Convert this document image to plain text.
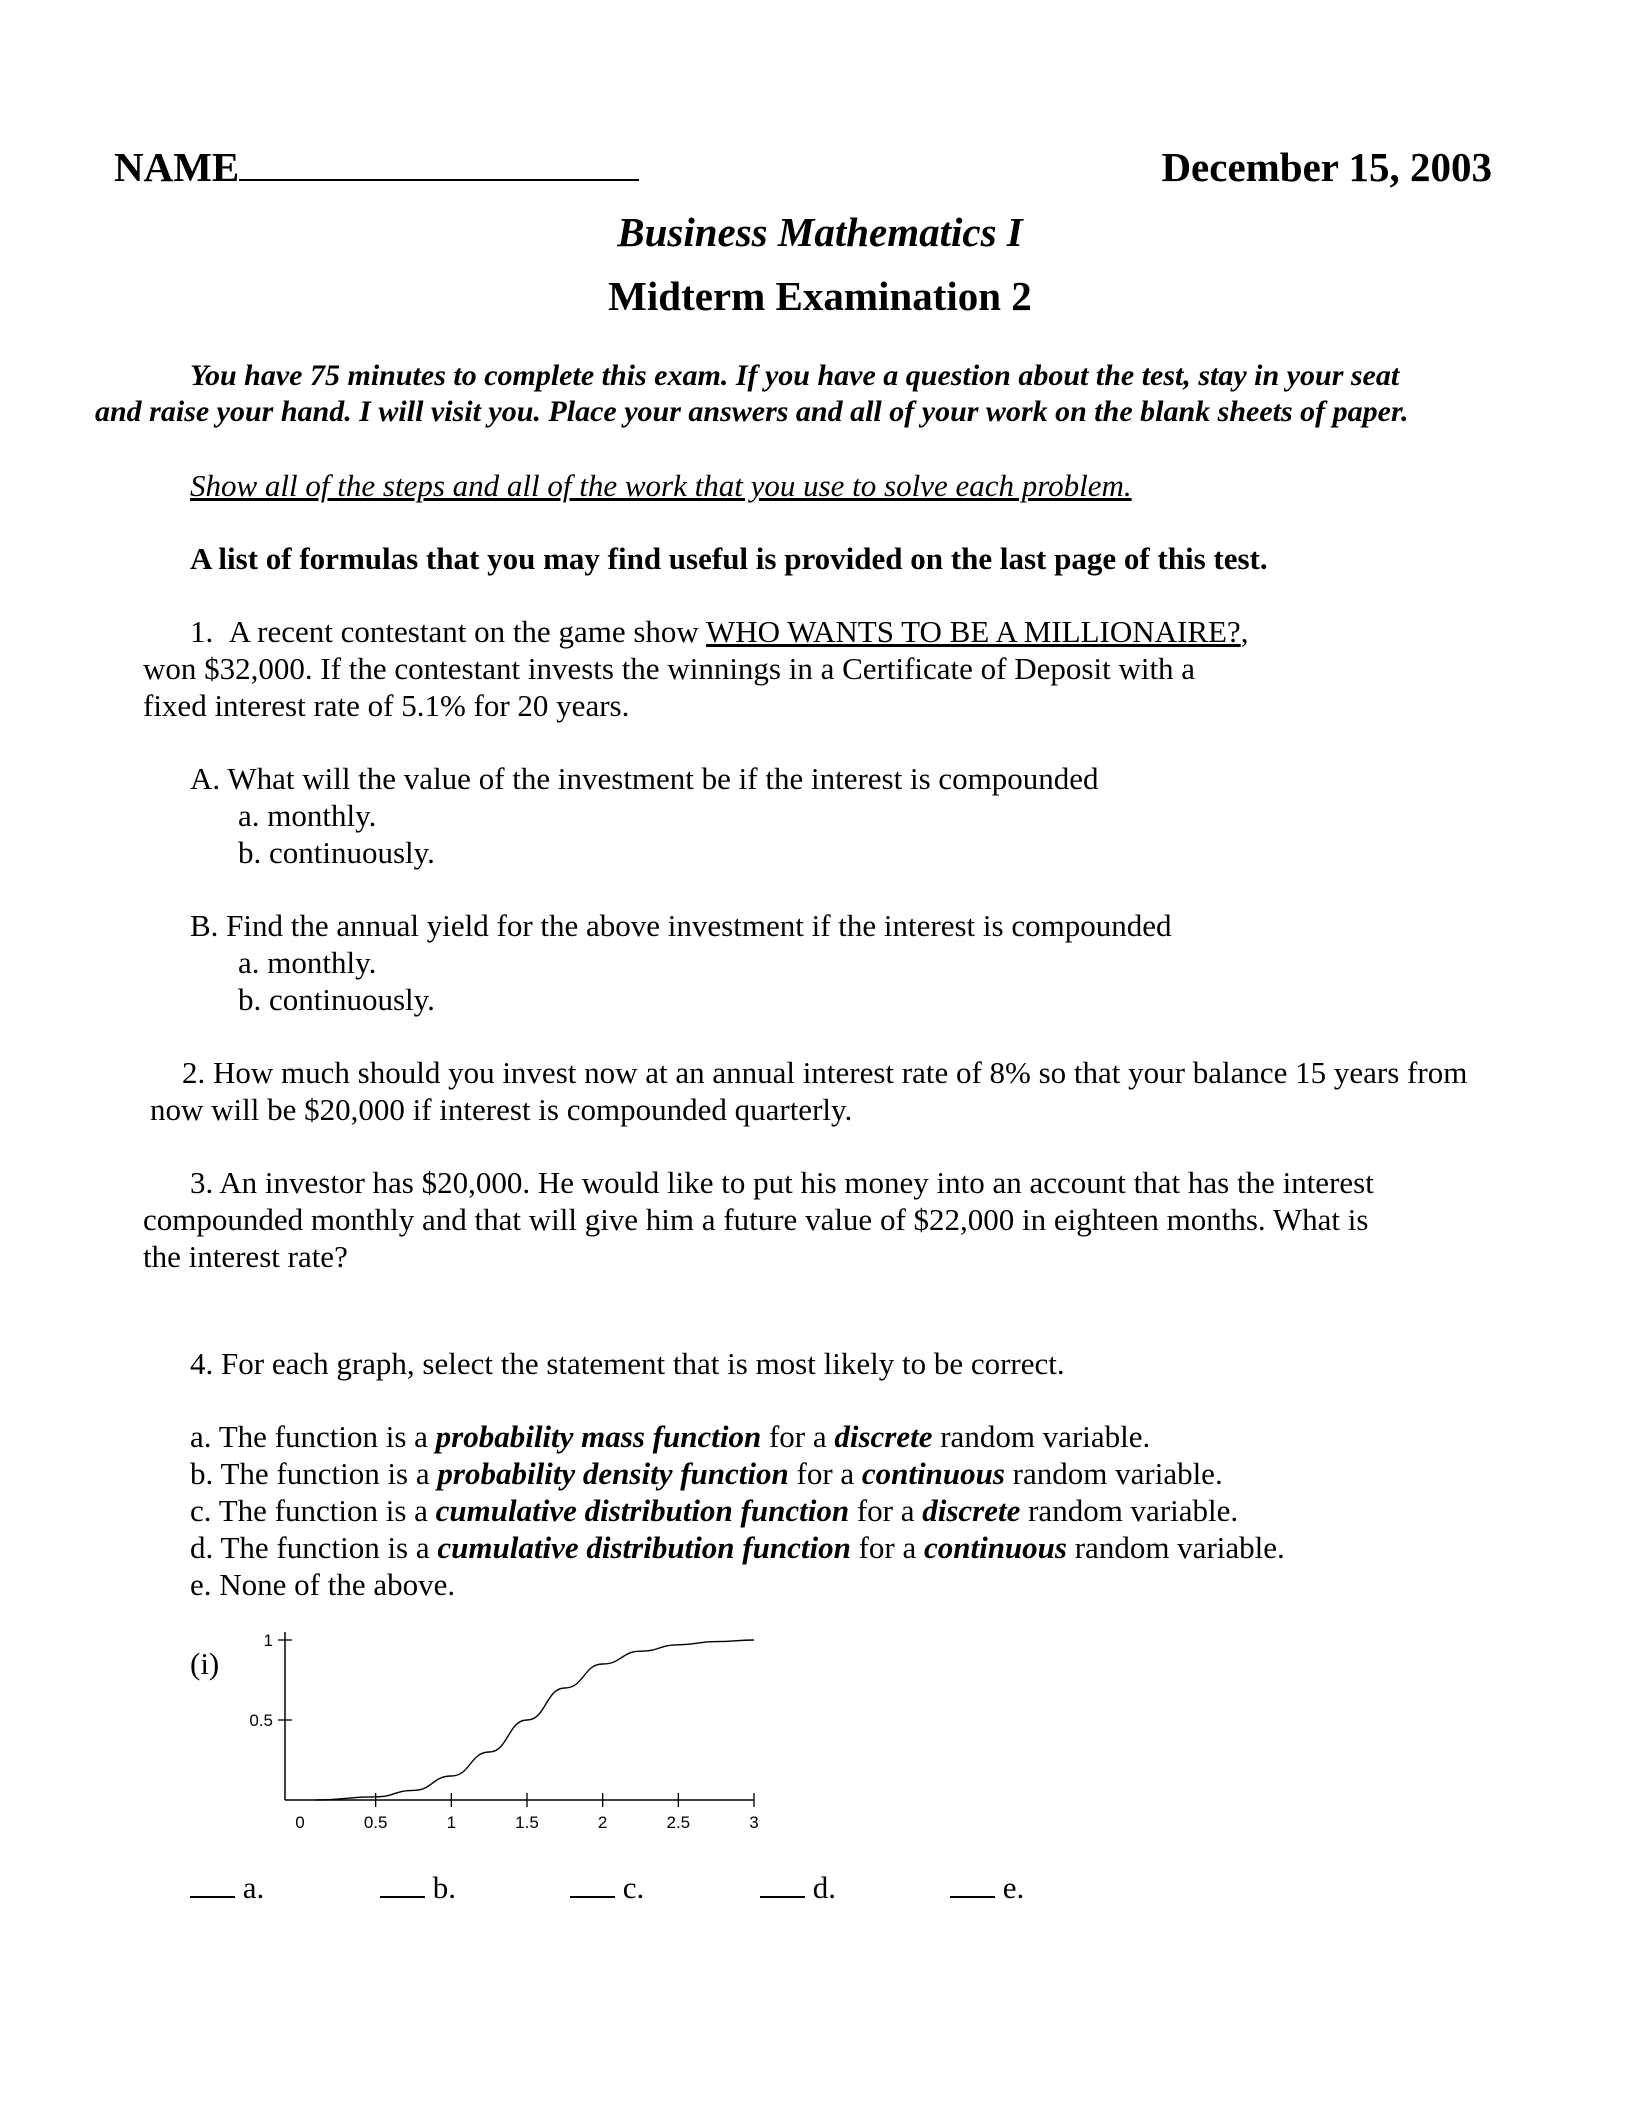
NAME	December 15, 2003
Business Mathematics I
Midterm Examination 2
You have 75 minutes to complete this exam. If you have a question about the test, stay in your seat
and raise your hand. I will visit you. Place your answers and all of your work on the blank sheets of paper.
Show all of the steps and all of the work that you use to solve each problem.
A list of formulas that you may find useful is provided on the last page of this test.
1. A recent contestant on the game show WHO WANTS TO BE A MILLIONAIRE?,
won $32,000. If the contestant invests the winnings in a Certificate of Deposit with a
fixed interest rate of 5.1% for 20 years.
A. What will the value of the investment be if the interest is compounded
a. monthly.
b. continuously.
B. Find the annual yield for the above investment if the interest is compounded
a. monthly.
b. continuously.
2. How much should you invest now at an annual interest rate of 8% so that your balance 15 years from
now will be $20,000 if interest is compounded quarterly.
3. An investor has $20,000. He would like to put his money into an account that has the interest
compounded monthly and that will give him a future value of $22,000 in eighteen months. What is
the interest rate?
4. For each graph, select the statement that is most likely to be correct.
a. The function is a probability mass function for a discrete random variable.
b. The function is a probability density function for a continuous random variable.
c. The function is a cumulative distribution function for a discrete random variable.
d. The function is a cumulative distribution function for a continuous random variable.
e. None of the above.
(i)
0	0.5	1	1.5	2	2.5	3
0.5
1
a.	b.	c.	d.	e.
